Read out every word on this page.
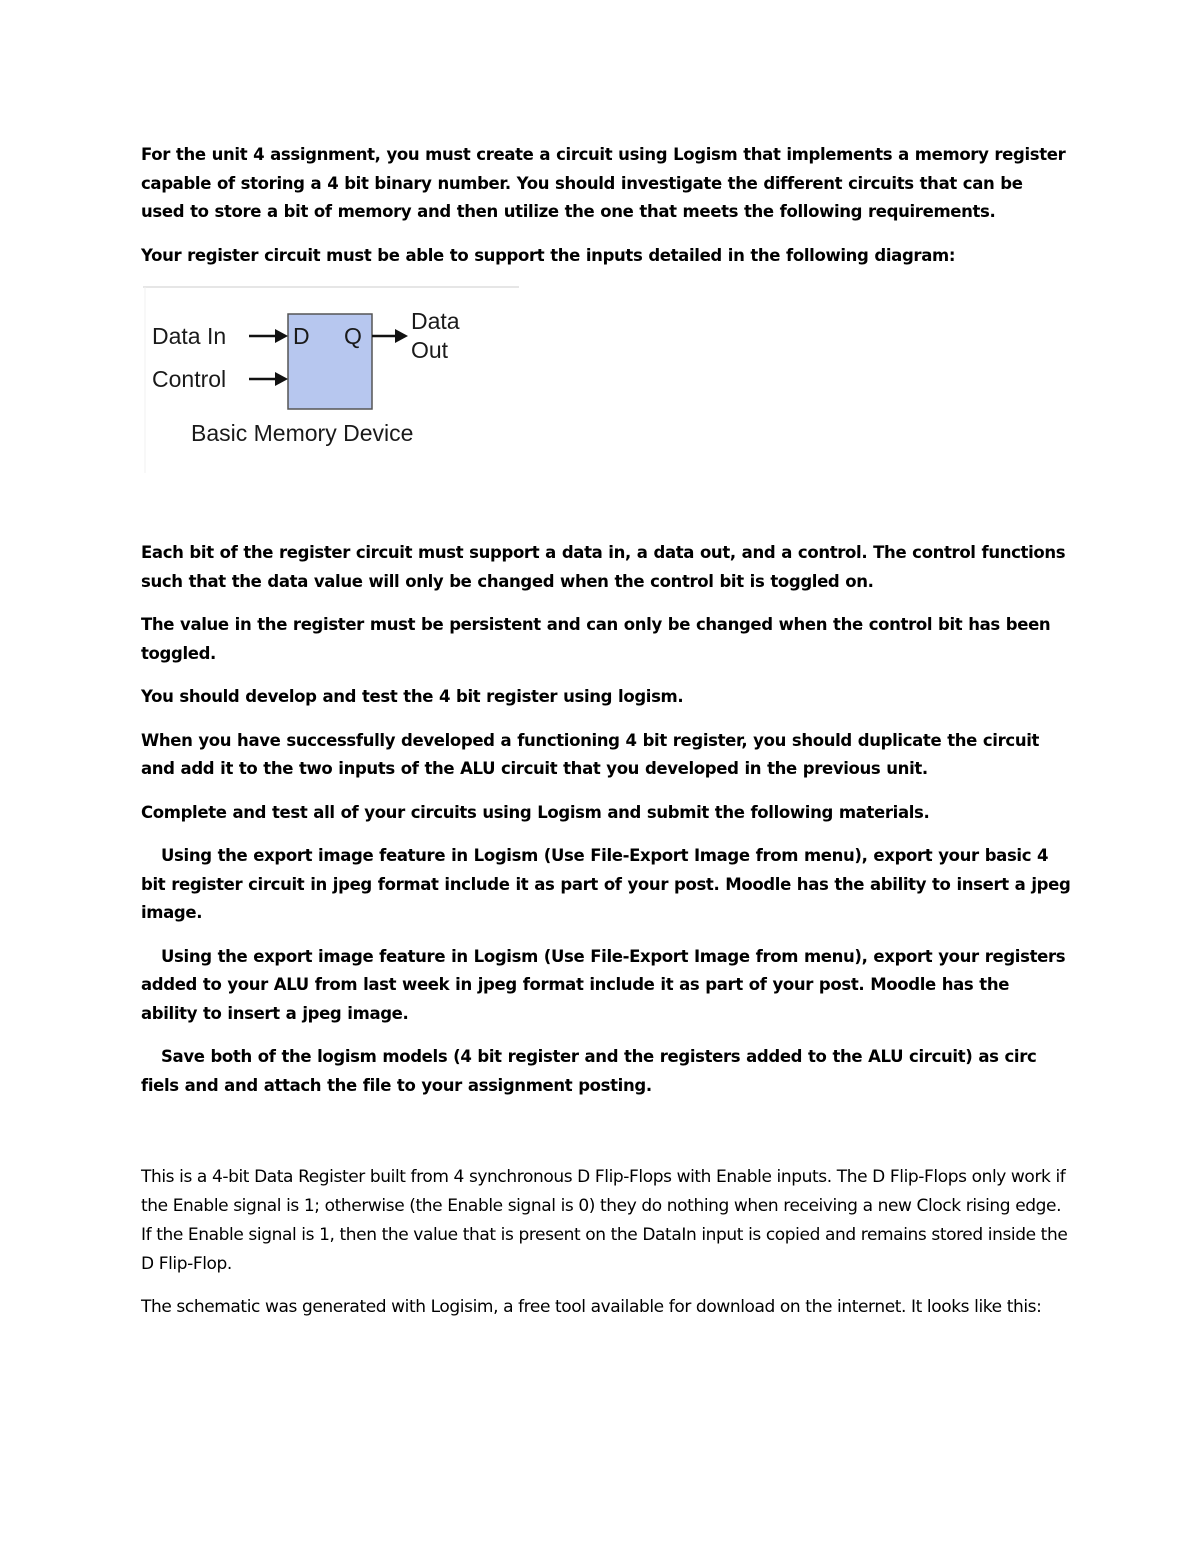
For the unit 4 assignment, you must create a circuit using Logism that implements a memory register capable of storing a 4 bit binary number. You should investigate the different circuits that can be used to store a bit of memory and then utilize the one that meets the following requirements.

Your register circuit must be able to support the inputs detailed in the following diagram:

Data In
Control
D Q
Data
Out
Basic Memory Device

Each bit of the register circuit must support a data in, a data out, and a control. The control functions such that the data value will only be changed when the control bit is toggled on.

The value in the register must be persistent and can only be changed when the control bit has been toggled.

You should develop and test the 4 bit register using logism.

When you have successfully developed a functioning 4 bit register, you should duplicate the circuit and add it to the two inputs of the ALU circuit that you developed in the previous unit.

Complete and test all of your circuits using Logism and submit the following materials.

Using the export image feature in Logism (Use File-Export Image from menu), export your basic 4 bit register circuit in jpeg format include it as part of your post. Moodle has the ability to insert a jpeg image.

Using the export image feature in Logism (Use File-Export Image from menu), export your registers added to your ALU from last week in jpeg format include it as part of your post. Moodle has the ability to insert a jpeg image.

Save both of the logism models (4 bit register and the registers added to the ALU circuit) as circ fiels and and attach the file to your assignment posting.

This is a 4-bit Data Register built from 4 synchronous D Flip-Flops with Enable inputs. The D Flip-Flops only work if the Enable signal is 1; otherwise (the Enable signal is 0) they do nothing when receiving a new Clock rising edge. If the Enable signal is 1, then the value that is present on the DataIn input is copied and remains stored inside the D Flip-Flop.

The schematic was generated with Logisim, a free tool available for download on the internet. It looks like this:
